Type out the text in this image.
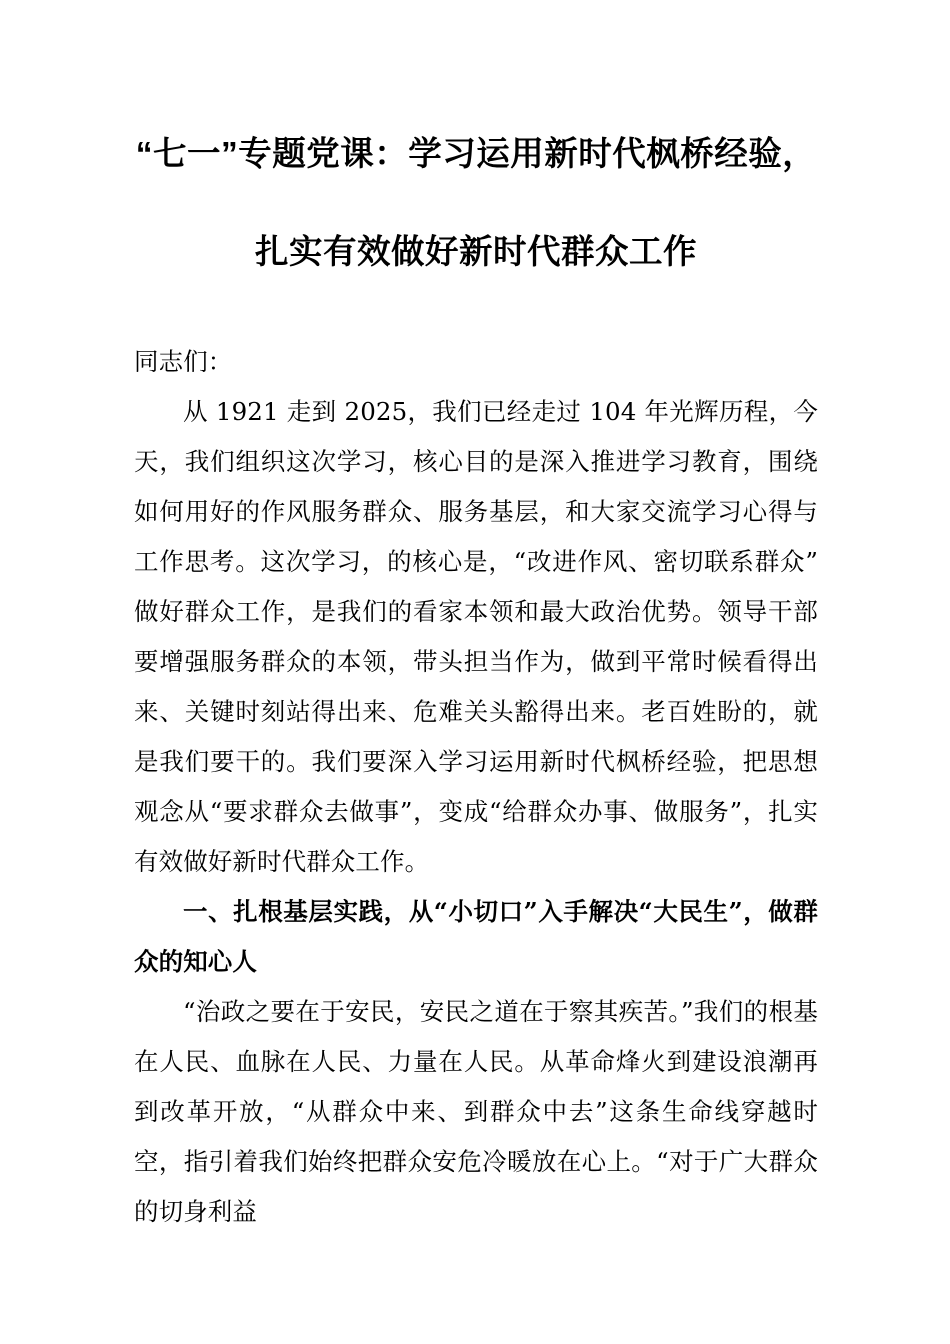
“七一”专题党课：学习运用新时代枫桥经验，扎实有效做好新时代群众工作

同志们：

从 1921 走到 2025，我们已经走过 104 年光辉历程，今天，我们组织这次学习，核心目的是深入推进学习教育，围绕如何用好的作风服务群众、服务基层，和大家交流学习心得与工作思考。这次学习，的核心是，“改进作风、密切联系群众”做好群众工作，是我们的看家本领和最大政治优势。领导干部要增强服务群众的本领，带头担当作为，做到平常时候看得出来、关键时刻站得出来、危难关头豁得出来。老百姓盼的，就是我们要干的。我们要深入学习运用新时代枫桥经验，把思想观念从“要求群众去做事”，变成“给群众办事、做服务”，扎实有效做好新时代群众工作。

一、扎根基层实践，从“小切口”入手解决“大民生”，做群众的知心人

“治政之要在于安民，安民之道在于察其疾苦。”我们的根基在人民、血脉在人民、力量在人民。从革命烽火到建设浪潮再到改革开放，“从群众中来、到群众中去”这条生命线穿越时空，指引着我们始终把群众安危冷暖放在心上。“对于广大群众的切身利益
